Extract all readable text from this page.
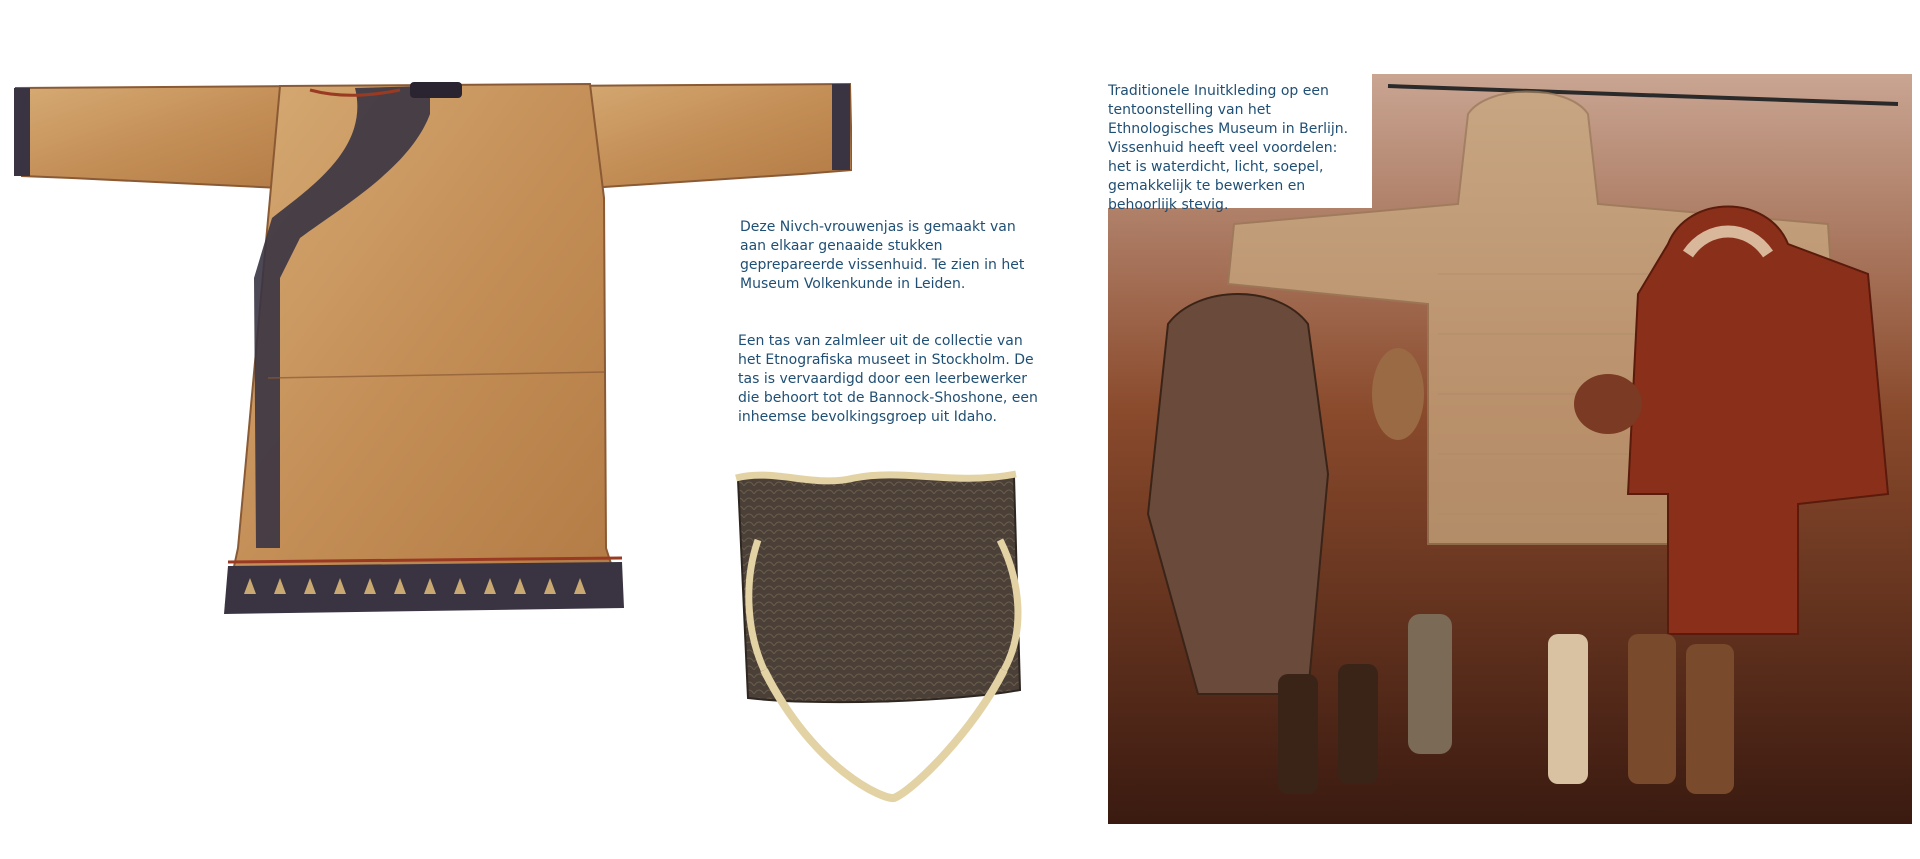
Deze Nivch-vrouwenjas is gemaakt van aan elkaar genaaide stukken geprepareerde vissenhuid. Te zien in het Museum Volkenkunde in Leiden.

Een tas van zalmleer uit de collectie van het Etnografiska museet in Stockholm. De tas is vervaardigd door een leerbewerker die behoort tot de Bannock-Shoshone, een inheemse bevolkingsgroep uit Idaho.

Traditionele Inuitkleding op een tentoonstelling van het Ethnologisches Museum in Berlijn. Vissenhuid heeft veel voordelen: het is waterdicht, licht, soepel, gemakkelijk te bewerken en behoorlijk stevig.
